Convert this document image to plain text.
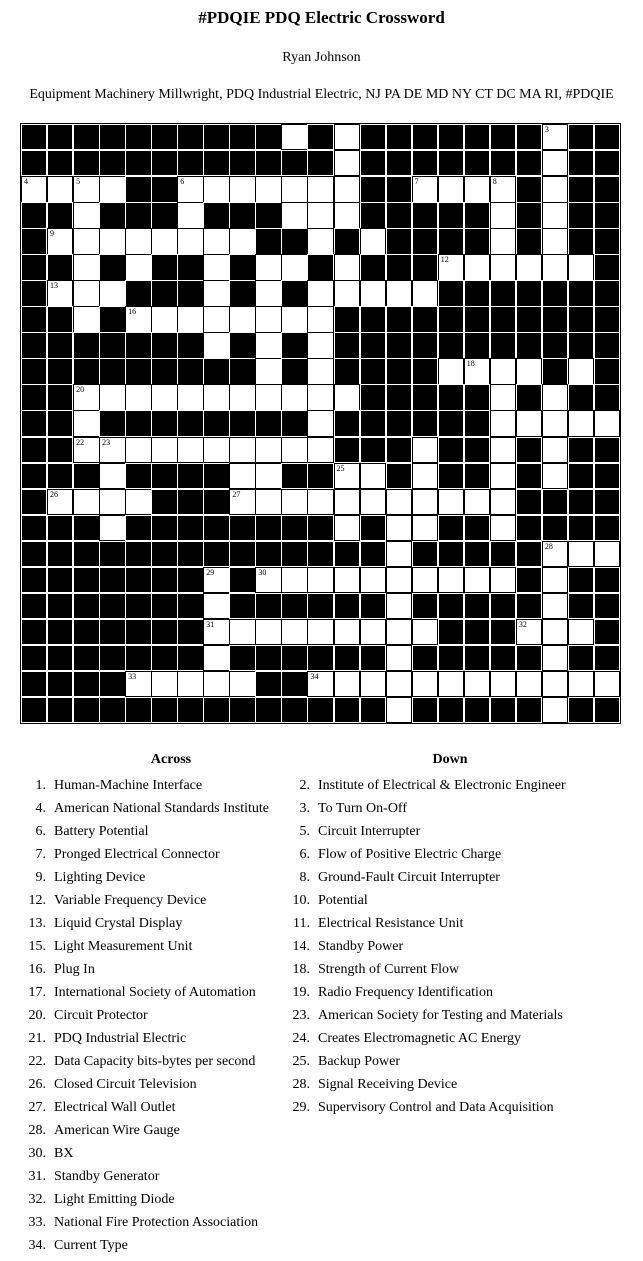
#PDQIE PDQ Electric Crossword
Ryan Johnson
Equipment Machinery Millwright, PDQ Industrial Electric, NJ PA DE MD NY CT DC MA RI, #PDQIE
1	2	3
4	5	6	7	8
9	10	11
12
13	14	15
16
17	18	19
20
21
22 23	24
25
26	27
28
29	30
31	32
33	34
Across
1. Human-Machine Interface
4. American National Standards Institute
6. Battery Potential
7. Pronged Electrical Connector
9. Lighting Device
12. Variable Frequency Device
13. Liquid Crystal Display
15. Light Measurement Unit
16. Plug In
17. International Society of Automation
20. Circuit Protector
21. PDQ Industrial Electric
22. Data Capacity bits-bytes per second
26. Closed Circuit Television
27. Electrical Wall Outlet
28. American Wire Gauge
30. BX
31. Standby Generator
32. Light Emitting Diode
33. National Fire Protection Association
34. Current Type
Down
2. Institute of Electrical & Electronic Engineer
3. To Turn On-Off
5. Circuit Interrupter
6. Flow of Positive Electric Charge
8. Ground-Fault Circuit Interrupter
10. Potential
11. Electrical Resistance Unit
14. Standby Power
18. Strength of Current Flow
19. Radio Frequency Identification
23. American Society for Testing and Materials
24. Creates Electromagnetic AC Energy
25. Backup Power
28. Signal Receiving Device
29. Supervisory Control and Data Acquisition
